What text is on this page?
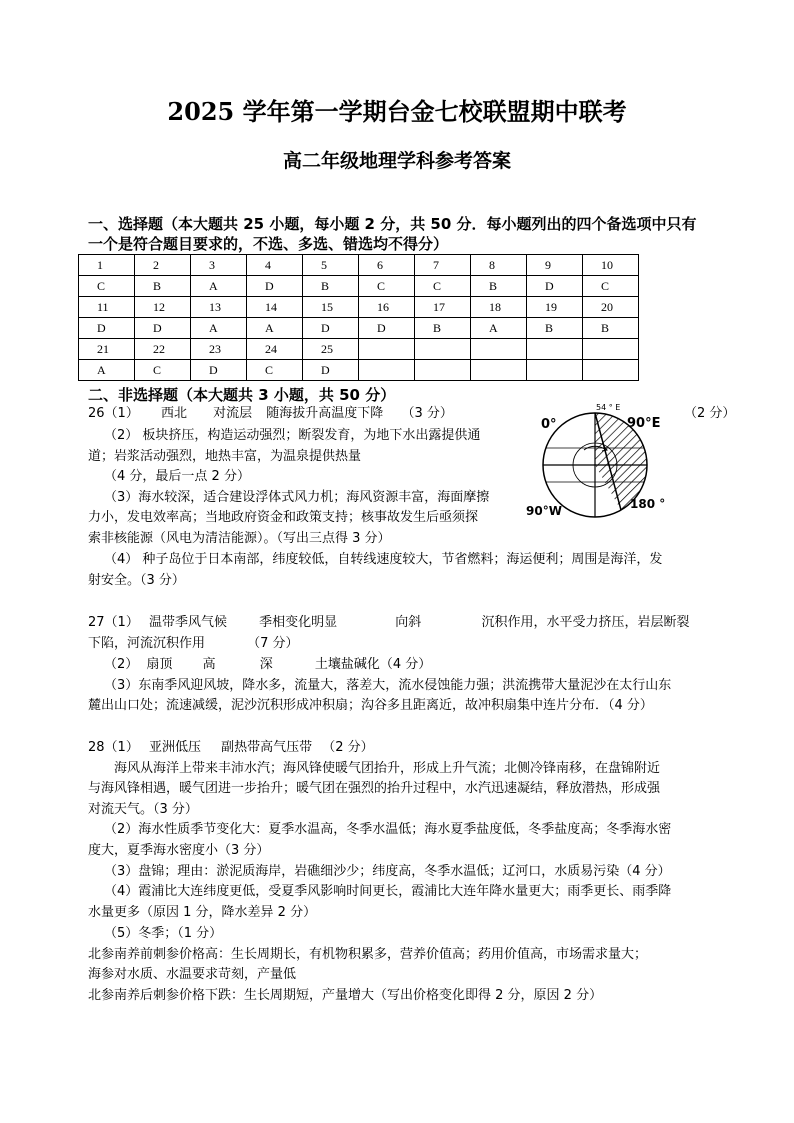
2025 学年第一学期台金七校联盟期中联考
高二年级地理学科参考答案
一、选择题（本大题共 25 小题，每小题 2 分，共 50 分．每小题列出的四个备选项中只有
一个是符合题目要求的，不选、多选、错选均不得分）
1	2	3	4	5	6	7	8	9	10
C	B	A	D	B	C	C	B	D	C
11	12	13	14	15	16	17	18	19	20
D	D	A	A	D	D	B	A	B	B
21	22	23	24	25					
A	C	D	C	D					
二、非选择题（本大题共 3 小题，共 50 分）
54 ° E
0°	90°E
180 °
90°W
（2 分）
26（1） 西北 对流层 随海拔升高温度下降 （3 分）
（2） 板块挤压，构造运动强烈；断裂发育，为地下水出露提供通
道；岩浆活动强烈，地热丰富，为温泉提供热量
（4 分，最后一点 2 分）
（3）海水较深，适合建设浮体式风力机；海风资源丰富，海面摩擦
力小，发电效率高；当地政府资金和政策支持；核事故发生后亟须探
索非核能源（风电为清洁能源）。（写出三点得 3 分）
（4） 种子岛位于日本南部，纬度较低，自转线速度较大，节省燃料；海运便利；周围是海洋，发
射安全。（3 分）
27（1） 温带季风气候 季相变化明显	向斜	沉积作用，水平受力挤压，岩层断裂
下陷，河流沉积作用	（7 分）
（2） 扇顶 高	深	土壤盐碱化（4 分）
（3）东南季风迎风坡，降水多，流量大，落差大，流水侵蚀能力强；洪流携带大量泥沙在太行山东
麓出山口处；流速减缓，泥沙沉积形成冲积扇；沟谷多且距离近，故冲积扇集中连片分布．（4 分）
28（1） 亚洲低压 副热带高气压带 （2 分）
海风从海洋上带来丰沛水汽；海风锋使暖气团抬升，形成上升气流；北侧冷锋南移，在盘锦附近
与海风锋相遇，暖气团进一步抬升；暖气团在强烈的抬升过程中，水汽迅速凝结，释放潜热，形成强
对流天气。（3 分）
（2）海水性质季节变化大：夏季水温高，冬季水温低；海水夏季盐度低，冬季盐度高；冬季海水密
度大，夏季海水密度小（3 分）
（3）盘锦；理由：淤泥质海岸，岩礁细沙少；纬度高，冬季水温低；辽河口，水质易污染（4 分）
（4）霞浦比大连纬度更低，受夏季风影响时间更长，霞浦比大连年降水量更大；雨季更长、雨季降
水量更多（原因 1 分，降水差异 2 分）
（5）冬季；（1 分）
北参南养前刺参价格高：生长周期长，有机物积累多，营养价值高；药用价值高，市场需求量大；
海参对水质、水温要求苛刻，产量低
北参南养后刺参价格下跌：生长周期短，产量增大（写出价格变化即得 2 分，原因 2 分）
